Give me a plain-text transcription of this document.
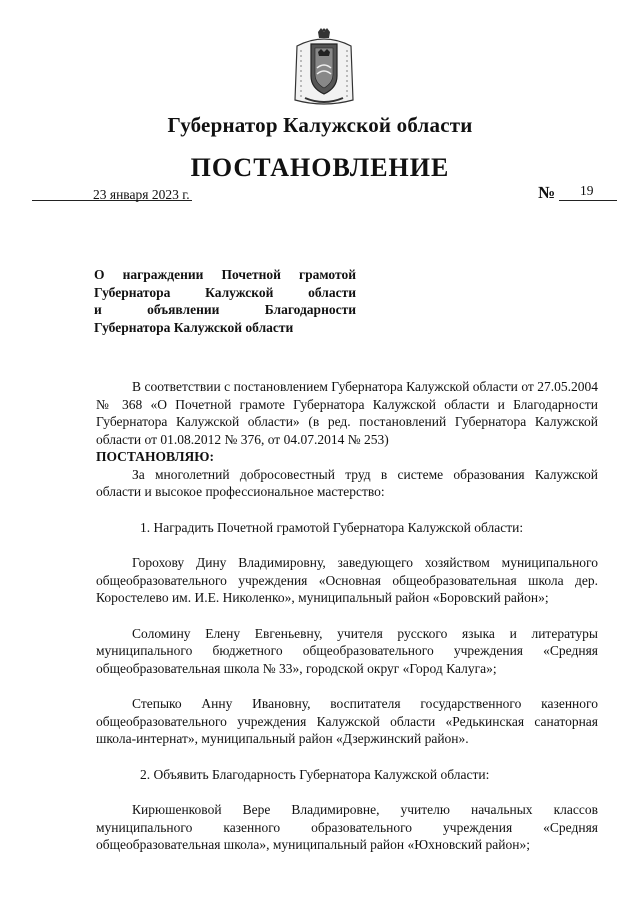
Губернатор Калужской области
ПОСТАНОВЛЕНИЕ
23 января 2023 г.	№ 19
О награждении Почетной грамотой
Губернатора Калужской области
и объявлении Благодарности
Губернатора Калужской области
В соответствии с постановлением Губернатора Калужской области от 27.05.2004 № 368 «О Почетной грамоте Губернатора Калужской области и Благодарности Губернатора Калужской области» (в ред. постановлений Губернатора Калужской области от 01.08.2012 № 376, от 04.07.2014 № 253)
ПОСТАНОВЛЯЮ:
За многолетний добросовестный труд в системе образования Калужской области и высокое профессиональное мастерство:
1. Наградить Почетной грамотой Губернатора Калужской области:
Горохову Дину Владимировну, заведующего хозяйством муниципального общеобразовательного учреждения «Основная общеобразовательная школа дер. Коростелево им. И.Е. Николенко», муниципальный район «Боровский район»;
Соломину Елену Евгеньевну, учителя русского языка и литературы муниципального бюджетного общеобразовательного учреждения «Средняя общеобразовательная школа № 33», городской округ «Город Калуга»;
Степыко Анну Ивановну, воспитателя государственного казенного общеобразовательного учреждения Калужской области «Редькинская санаторная школа-интернат», муниципальный район «Дзержинский район».
2. Объявить Благодарность Губернатора Калужской области:
Кирюшенковой Вере Владимировне, учителю начальных классов муниципального казенного образовательного учреждения «Средняя общеобразовательная школа», муниципальный район «Юхновский район»;
